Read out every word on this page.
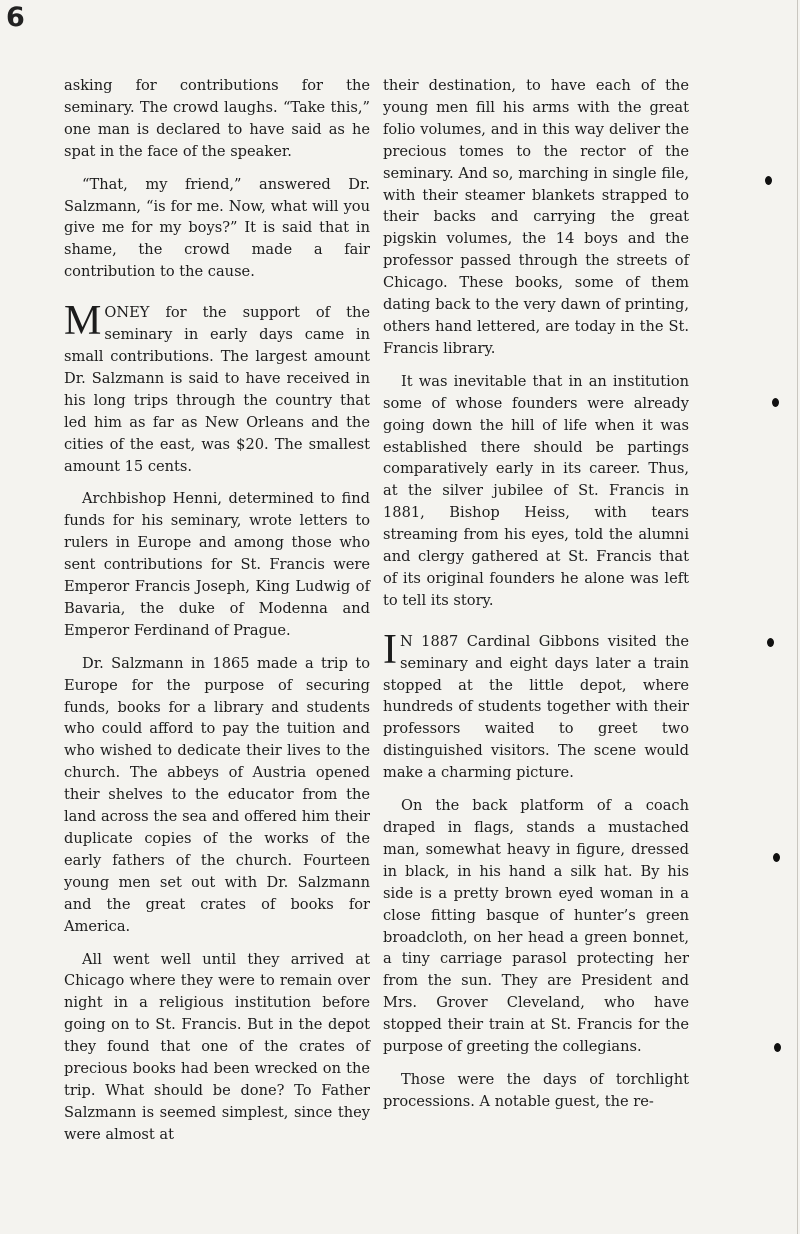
6

asking for contributions for the seminary. The crowd laughs. “Take this,” one man is declared to have said as he spat in the face of the speaker.

“That, my friend,” answered Dr. Salzmann, “is for me. Now, what will you give me for my boys?” It is said that in shame, the crowd made a fair contribution to the cause.

MONEY for the support of the seminary in early days came in small contributions. The largest amount Dr. Salzmann is said to have received in his long trips through the country that led him as far as New Orleans and the cities of the east, was $20. The smallest amount 15 cents.

Archbishop Henni, determined to find funds for his seminary, wrote letters to rulers in Europe and among those who sent contributions for St. Francis were Emperor Francis Joseph, King Ludwig of Bavaria, the duke of Modenna and Emperor Ferdinand of Prague.

Dr. Salzmann in 1865 made a trip to Europe for the purpose of securing funds, books for a library and students who could afford to pay the tuition and who wished to dedicate their lives to the church. The abbeys of Austria opened their shelves to the educator from the land across the sea and offered him their duplicate copies of the works of the early fathers of the church. Fourteen young men set out with Dr. Salzmann and the great crates of books for America.

All went well until they arrived at Chicago where they were to remain over night in a religious institution before going on to St. Francis. But in the depot they found that one of the crates of precious books had been wrecked on the trip. What should be done? To Father Salzmann is seemed simplest, since they were almost at

their destination, to have each of the young men fill his arms with the great folio volumes, and in this way deliver the precious tomes to the rector of the seminary. And so, marching in single file, with their steamer blankets strapped to their backs and carrying the great pigskin volumes, the 14 boys and the professor passed through the streets of Chicago. These books, some of them dating back to the very dawn of printing, others hand lettered, are today in the St. Francis library.

It was inevitable that in an institution some of whose founders were already going down the hill of life when it was established there should be partings comparatively early in its career. Thus, at the silver jubilee of St. Francis in 1881, Bishop Heiss, with tears streaming from his eyes, told the alumni and clergy gathered at St. Francis that of its original founders he alone was left to tell its story.

I N 1887 Cardinal Gibbons visited the seminary and eight days later a train stopped at the little depot, where hundreds of students together with their professors waited to greet two distinguished visitors. The scene would make a charming picture.

On the back platform of a coach draped in flags, stands a mustached man, somewhat heavy in figure, dressed in black, in his hand a silk hat. By his side is a pretty brown eyed woman in a close fitting basque of hunter’s green broadcloth, on her head a green bonnet, a tiny carriage parasol protecting her from the sun. They are President and Mrs. Grover Cleveland, who have stopped their train at St. Francis for the purpose of greeting the collegians.

Those were the days of torchlight processions. A notable guest, the re-
